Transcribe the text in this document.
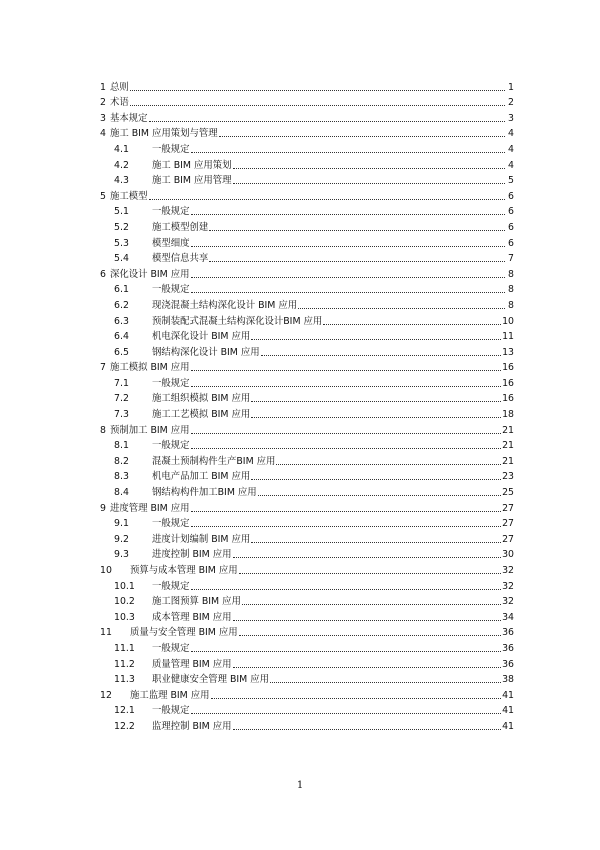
1 总则	1
2 术语	2
3 基本规定	3
4 施工 BIM 应用策划与管理	4
4.1	一般规定	4
4.2	施工 BIM 应用策划	4
4.3	施工 BIM 应用管理	5
5 施工模型	6
5.1	一般规定	6
5.2	施工模型创建	6
5.3	模型细度	6
5.4	模型信息共享	7
6 深化设计 BIM 应用	8
6.1	一般规定	8
6.2	现浇混凝土结构深化设计 BIM 应用	8
6.3	预制装配式混凝土结构深化设计BIM 应用	10
6.4	机电深化设计 BIM 应用	11
6.5	钢结构深化设计 BIM 应用	13
7 施工模拟 BIM 应用	16
7.1	一般规定	16
7.2	施工组织模拟 BIM 应用	16
7.3	施工工艺模拟 BIM 应用	18
8 预制加工 BIM 应用	21
8.1	一般规定	21
8.2	混凝土预制构件生产BIM 应用	21
8.3	机电产品加工 BIM 应用	23
8.4	钢结构构件加工BIM 应用	25
9 进度管理 BIM 应用	27
9.1	一般规定	27
9.2	进度计划编制 BIM 应用	27
9.3	进度控制 BIM 应用	30
10	预算与成本管理 BIM 应用	32
10.1	一般规定	32
10.2	施工图预算 BIM 应用	32
10.3	成本管理 BIM 应用	34
11	质量与安全管理 BIM 应用	36
11.1	一般规定	36
11.2	质量管理 BIM 应用	36
11.3	职业健康安全管理 BIM 应用	38
12	施工监理 BIM 应用	41
12.1	一般规定	41
12.2	监理控制 BIM 应用	41
1
